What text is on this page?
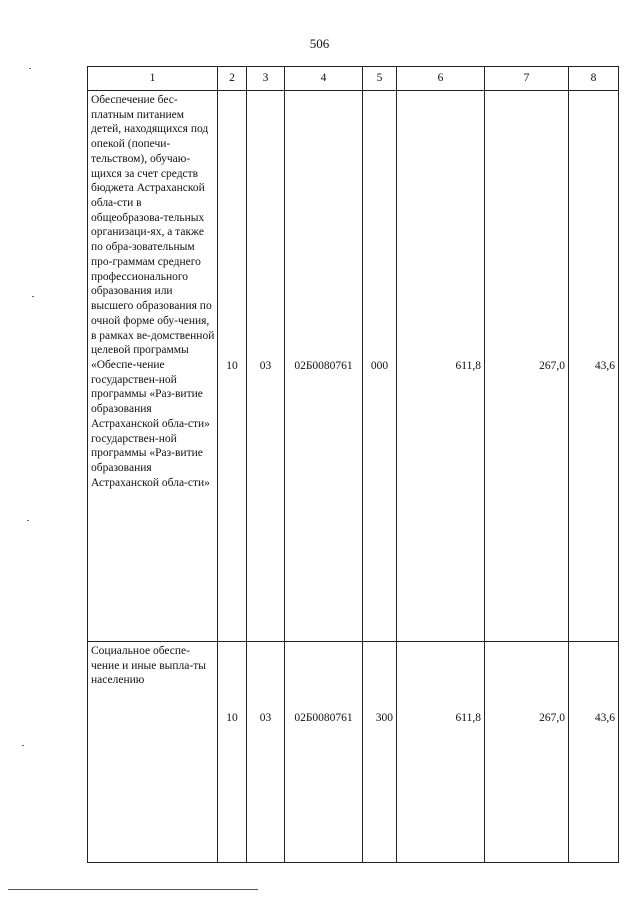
506
1	2	3	4	5	6	7	8
Обеспечение бес-платным питанием детей, находящихся под опекой (попечи-тельством), обучаю-щихся за счет средств бюджета Астраханской обла-сти в общеобразова-тельных организаци-ях, а также по обра-зовательным про-граммам среднего профессионального образования или высшего образования по очной форме обу-чения, в рамках ве-домственной целевой программы «Обеспе-чение государствен-ной программы «Раз-витие образования Астраханской обла-сти» государствен-ной программы «Раз-витие образования Астраханской обла-сти»	10	03	02Б0080761	000	611,8	267,0	43,6
Социальное обеспе-чение и иные выпла-ты населению	10	03	02Б0080761	300	611,8	267,0	43,6
